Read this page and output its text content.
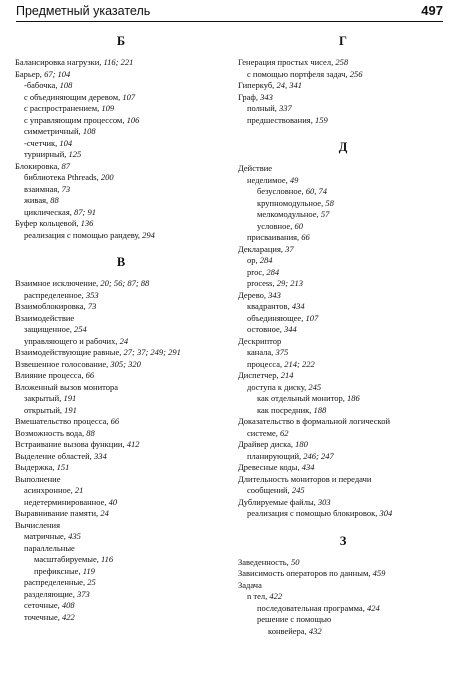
Предметный указатель	497
Б
Балансировка нагрузки, 116; 221
Барьер, 67; 104
-бабочка, 108
с объединяющим деревом, 107
с распространением, 109
с управляющим процессом, 106
симметричный, 108
-счетчик, 104
турнирный, 125
Блокировка, 87
библиотека Pthreads, 200
взаимная, 73
живая, 88
циклическая, 87; 91
Буфер кольцевой, 136
реализация с помощью рандеву, 294
В
Взаимное исключение, 20; 56; 87; 88
распределенное, 353
Взаимоблокировка, 73
Взаимодействие
защищенное, 254
управляющего и рабочих, 24
Взаимодействующие равные, 27; 37; 249; 291
Взвешенное голосование, 305; 320
Влияние процесса, 66
Вложенный вызов монитора
закрытый, 191
открытый, 191
Вмешательство процесса, 66
Возможность вода, 88
Встраивание вызова функции, 412
Выделение областей, 334
Выдержка, 151
Выполнение
асинхронное, 21
недетерминированное, 40
Выравнивание памяти, 24
Вычисления
матричные, 435
параллельные
масштабируемые, 116
префиксные, 119
распределенные, 25
разделяющие, 373
сеточные, 408
точечные, 422
Г
Генерация простых чисел, 258
с помощью портфеля задач, 256
Гиперкуб, 24, 341
Граф, 343
полный, 337
предшествования, 159
Д
Действие
неделимое, 49
безусловное, 60, 74
крупномодульное, 58
мелкомодульное, 57
условное, 60
присваивания, 66
Декларация, 37
op, 284
proc, 284
process, 29; 213
Дерево, 343
квадрантов, 434
объединяющее, 107
остовное, 344
Дескриптор
канала, 375
процесса, 214; 222
Диспетчер, 214
доступа к диску, 245
как отдельный монитор, 186
как посредник, 188
Доказательство в формальной логической
системе, 62
Драйвер диска, 180
планирующий, 246; 247
Древесные коды, 434
Длительность мониторов и передачи
сообщений, 245
Дублируемые файлы, 303
реализация с помощью блокировок, 304
З
Заведенность, 50
Зависимость операторов по данным, 459
Задача
n тел, 422
последовательная программа, 424
решение с помощью
конвейера, 432
